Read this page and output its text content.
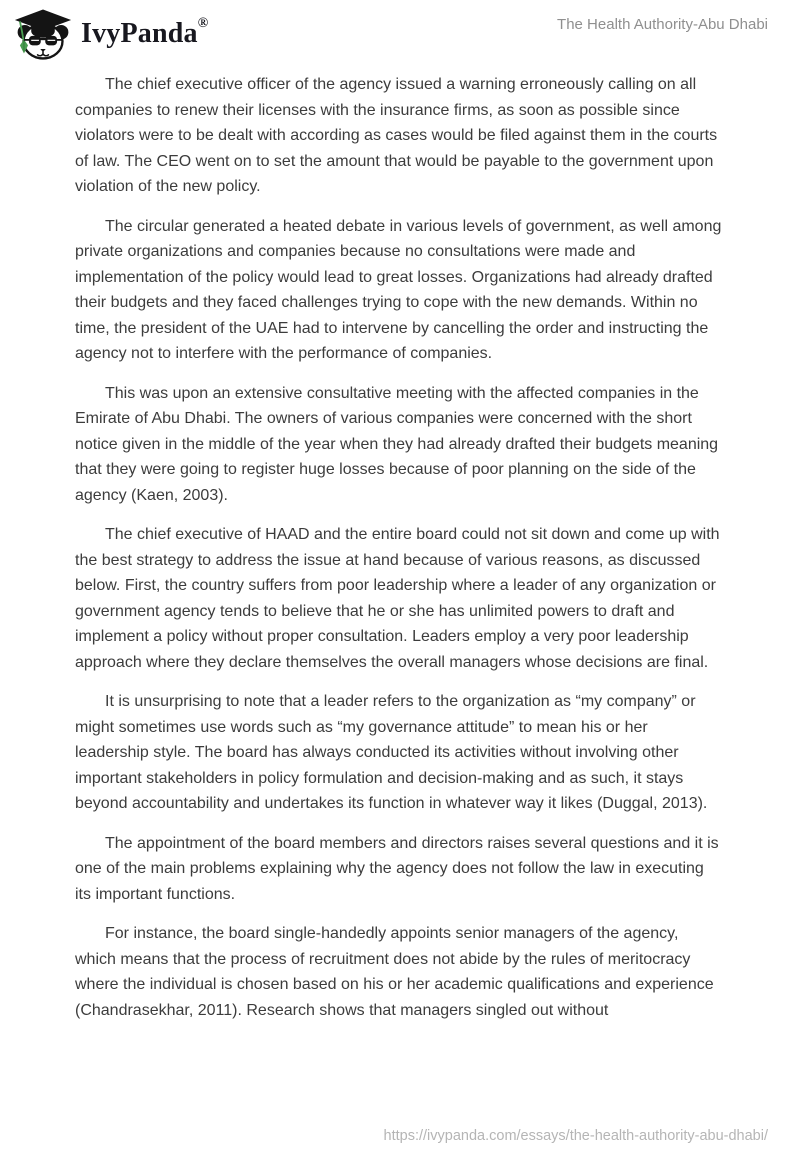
IvyPanda®	The Health Authority-Abu Dhabi

The chief executive officer of the agency issued a warning erroneously calling on all companies to renew their licenses with the insurance firms, as soon as possible since violators were to be dealt with according as cases would be filed against them in the courts of law. The CEO went on to set the amount that would be payable to the government upon violation of the new policy.

The circular generated a heated debate in various levels of government, as well among private organizations and companies because no consultations were made and implementation of the policy would lead to great losses. Organizations had already drafted their budgets and they faced challenges trying to cope with the new demands. Within no time, the president of the UAE had to intervene by cancelling the order and instructing the agency not to interfere with the performance of companies.

This was upon an extensive consultative meeting with the affected companies in the Emirate of Abu Dhabi. The owners of various companies were concerned with the short notice given in the middle of the year when they had already drafted their budgets meaning that they were going to register huge losses because of poor planning on the side of the agency (Kaen, 2003).

The chief executive of HAAD and the entire board could not sit down and come up with the best strategy to address the issue at hand because of various reasons, as discussed below. First, the country suffers from poor leadership where a leader of any organization or government agency tends to believe that he or she has unlimited powers to draft and implement a policy without proper consultation. Leaders employ a very poor leadership approach where they declare themselves the overall managers whose decisions are final.

It is unsurprising to note that a leader refers to the organization as “my company” or might sometimes use words such as “my governance attitude” to mean his or her leadership style. The board has always conducted its activities without involving other important stakeholders in policy formulation and decision-making and as such, it stays beyond accountability and undertakes its function in whatever way it likes (Duggal, 2013).

The appointment of the board members and directors raises several questions and it is one of the main problems explaining why the agency does not follow the law in executing its important functions.

For instance, the board single-handedly appoints senior managers of the agency, which means that the process of recruitment does not abide by the rules of meritocracy where the individual is chosen based on his or her academic qualifications and experience (Chandrasekhar, 2011). Research shows that managers singled out without

https://ivypanda.com/essays/the-health-authority-abu-dhabi/
